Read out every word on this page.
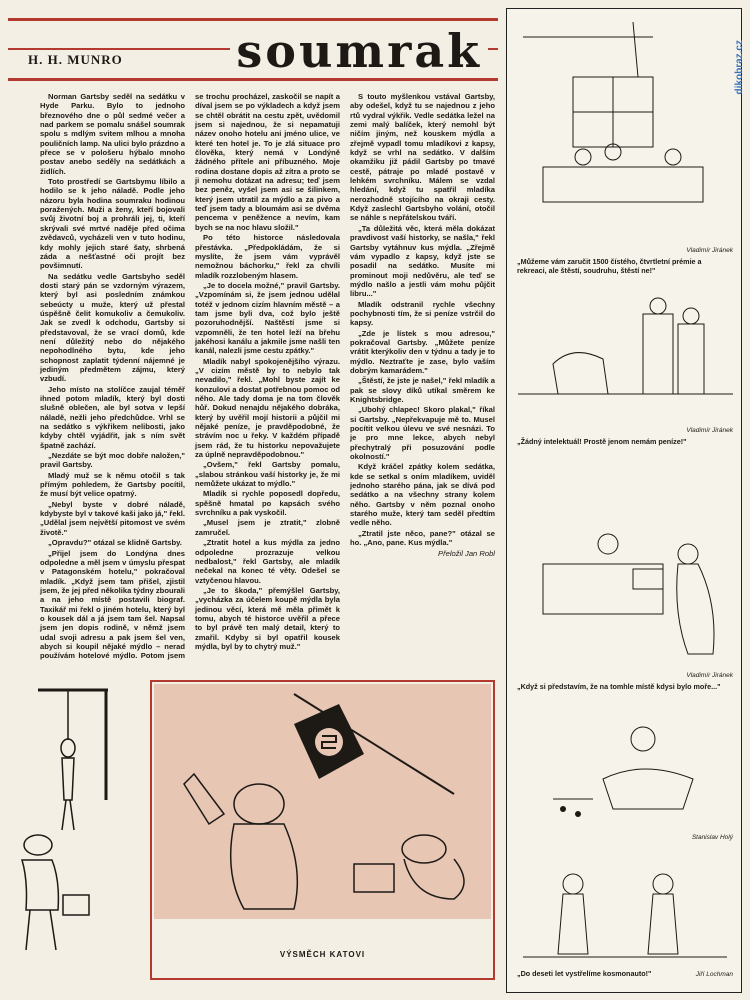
H. H. MUNRO soumrak

Norman Gartsby seděl na sedátku v Hyde Parku. Bylo to jednoho březnového dne o půl sedmé večer a nad parkem se pomalu snášel soumrak spolu s mdlým svitem mlhou a mnoha pouličních lamp. Na ulici bylo prázdno a přece se v pološeru hýbalo mnoho postav anebo seděly na sedátkách a židlích.

Toto prostředí se Gartsbymu líbilo a hodilo se k jeho náladě. Podle jeho názoru byla hodina soumraku hodinou poražených. Muži a ženy, kteří bojovali svůj životní boj a prohráli jej, ti, kteří skrývali své mrtvé naděje před očima zvědavců, vycházeli ven v tuto hodinu, kdy mohly jejich staré šaty, shrbená záda a nešťastné oči projít bez povšimnutí.

Na sedátku vedle Gartsbyho seděl dosti starý pán se vzdorným výrazem, který byl asi posledním známkou sebeúcty u muže, který už přestal úspěšně čelit komukoliv a čemukoliv. Jak se zvedl k odchodu, Gartsby si představoval, že se vrací domů, kde není důležitý nebo do nějakého nepohodlného bytu, kde jeho schopnost zaplatit týdenní nájemné je jediným předmětem zájmu, který vzbudí.

Jeho místo na stolíčce zaujal téměř ihned potom mladík, který byl dosti slušně oblečen, ale byl sotva v lepší náladě, nežli jeho předchůdce. Vrhl se na sedátko s výkřikem nelibosti, jako kdyby chtěl vyjádřit, jak s ním svět špatně zachází.

„Nezdáte se být moc dobře naložen," pravil Gartsby.

Mladý muž se k němu otočil s tak přímým pohledem, že Gartsby pocítil, že musí být velice opatrný.

„Nebyl byste v dobré náladě, kdybyste byl v takové kaši jako já," řekl. „Udělal jsem největší pitomost ve svém životě."

„Opravdu?" otázal se klidně Gartsby.

„Přijel jsem do Londýna dnes odpoledne a měl jsem v úmyslu přespat v Patagonském hotelu," pokračoval mladík. „Když jsem tam přišel, zjistil jsem, že jej před několika týdny zbourali a na jeho místě postavili biograf. Taxikář mi řekl o jiném hotelu, který byl o kousek dál a já jsem tam šel. Napsal jsem jen dopis rodině, v němž jsem udal svoji adresu a pak jsem šel ven, abych si koupil nějaké mýdlo – nerad používám hotelové mýdlo. Potom jsem se trochu procházel, zaskočil se napít a díval jsem se po výkladech a když jsem se chtěl obrátit na cestu zpět, uvědomil jsem si najednou, že si nepamatuji název onoho hotelu ani jméno ulice, ve které ten hotel je. To je zlá situace pro člověka, který nemá v Londýně žádného přítele ani příbuzného. Moje rodina dostane dopis až zítra a proto se ji nemohu dotázat na adresu; teď jsem bez peněz, vyšel jsem asi se šilinkem, který jsem utratil za mýdlo a za pivo a teď jsem tady a bloumám asi se dvěma pencema v peněžence a nevím, kam bych se na noc hlavu složil."

Po této historce následovala přestávka. „Předpokládám, že si myslíte, že jsem vám vyprávěl nemožnou báchorku," řekl za chvíli mladík rozzlobeným hlasem.

„Je to docela možné," pravil Gartsby. „Vzpomínám si, že jsem jednou udělal totéž v jednom cizím hlavním městě – a tam jsme byli dva, což bylo ještě pozoruhodnější. Naštěstí jsme si vzpomněli, že ten hotel leží na břehu jakéhosi kanálu a jakmile jsme našli ten kanál, nalezli jsme cestu zpátky."

Mladík nabyl spokojenějšího výrazu. „V cizím městě by to nebylo tak nevadilo," řekl. „Mohl byste zajít ke konzulovi a dostat potřebnou pomoc od něho. Ale tady doma je na tom člověk hůř. Dokud nenajdu nějakého dobráka, který by uvěřil mojí historii a půjčil mi nějaké peníze, je pravděpodobné, že strávím noc u řeky. V každém případě jsem rád, že tu historku nepovažujete za úplně nepravděpodobnou."

„Ovšem," řekl Gartsby pomalu, „slabou stránkou vaší historky je, že mi nemůžete ukázat to mýdlo."

Mladík si rychle poposedl dopředu, spěšně hmatal po kapsách svého svrchníku a pak vyskočil.

„Musel jsem je ztratit," zlobně zamručel.

„Ztratit hotel a kus mýdla za jedno odpoledne prozrazuje velkou nedbalost," řekl Gartsby, ale mladík nečekal na konec té věty. Odešel se vztyčenou hlavou.

„Je to škoda," přemýšlel Gartsby, „vycházka za účelem koupě mýdla byla jedinou věcí, která mě měla přimět k tomu, abych té historce uvěřil a přece to byl právě ten malý detail, který to zmařil. Kdyby si byl opatřil kousek mýdla, byl by to chytrý muž."

S touto myšlenkou vstával Gartsby, aby odešel, když tu se najednou z jeho rtů vydral výkřik. Vedle sedátka ležel na zemi malý balíček, který nemohl být ničím jiným, než kouskem mýdla a zřejmě vypadl tomu mladíkovi z kapsy, když se vrhl na sedátko. V dalším okamžiku již pádil Gartsby po tmavé cestě, pátraje po mladé postavě v lehkém svrchníku. Málem se vzdal hledání, když tu spatřil mladíka nerozhodně stojícího na okraji cesty. Když zaslechl Gartsbyho volání, otočil se náhle s nepřátelskou tváří.

„Ta důležitá věc, která měla dokázat pravdivost vaší historky, se našla," řekl Gartsby vytáhnuv kus mýdla. „Zřejmě vám vypadlo z kapsy, když jste se posadil na sedátko. Musíte mi prominout moji nedůvěru, ale teď se mýdlo našlo a jestli vám mohu půjčit libru..."

Mladík odstranil rychle všechny pochybnosti tím, že si peníze vstrčil do kapsy.

„Zde je lístek s mou adresou," pokračoval Gartsby. „Můžete peníze vrátit kterýkoliv den v týdnu a tady je to mýdlo. Neztraťte je zase, bylo vaším dobrým kamarádem."

„Štěstí, že jste je našel," řekl mladík a pak se slovy díků utíkal směrem ke Knightsbridge.

„Ubohý chlapec! Skoro plakal," říkal si Gartsby. „Nepřekvapuje mě to. Musel pocítit velkou úlevu ve své nesnázi. To je pro mne lekce, abych nebyl přechytralý při posuzování podle okolností."

Když kráčel zpátky kolem sedátka, kde se setkal s oním mladíkem, uviděl jednoho starého pána, jak se dívá pod sedátko a na všechny strany kolem něho. Gartsby v něm poznal onoho starého muže, který tam seděl předtím vedle něho.

„Ztratil jste něco, pane?" otázal se ho. „Ano, pane. Kus mýdla."

Přeložil Jan Robl

VÝSMĚCH KATOVI
Vladimír Jiránek
„Můžeme vám zaručit 1500 čístého, čtvrtletní prémie a rekreaci, ale štěstí, soudruhu, štěstí ne!"
Vladimír Jiránek
„Žádný intelektuál! Prostě jenom nemám peníze!"
Vladimír Jiránek
„Když si představím, že na tomhle místě kdysi bylo moře..."
Stanislav Holý
„Do deseti let vystřelíme kosmonauto!"	Jiří Lochman
dikobraz.cz
